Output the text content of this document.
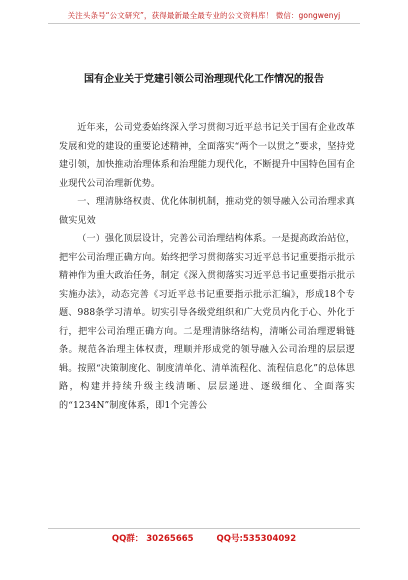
关注头条号“公文研究”，获得最新最全最专业的公文资料库！ 微信：gongwenyj
国有企业关于党建引领公司治理现代化工作情况的报告

近年来，公司党委始终深入学习贯彻习近平总书记关于国有企业改革发展和党的建设的重要论述精神，全面落实“两个一以贯之”要求，坚持党建引领，加快推动治理体系和治理能力现代化，不断提升中国特色国有企业现代公司治理新优势。

一、理清脉络权责、优化体制机制，推动党的领导融入公司治理求真做实见效

（一）强化顶层设计，完善公司治理结构体系。一是提高政治站位，把牢公司治理正确方向。始终把学习贯彻落实习近平总书记重要指示批示精神作为重大政治任务，制定《深入贯彻落实习近平总书记重要指示批示实施办法》，动态完善《习近平总书记重要指示批示汇编》，形成18个专题、988条学习清单。切实引导各级党组织和广大党员内化于心、外化于行，把牢公司治理正确方向。二是理清脉络结构，清晰公司治理逻辑链条。规范各治理主体权责，理顺并形成党的领导融入公司治理的层层逻辑。按照“决策制度化、制度清单化、清单流程化、流程信息化”的总体思路，构建并持续升级主线清晰、层层递进、逐级细化、全面落实的“1234N”制度体系，即1个完善公

QQ群： 30265665	QQ号:535304092
